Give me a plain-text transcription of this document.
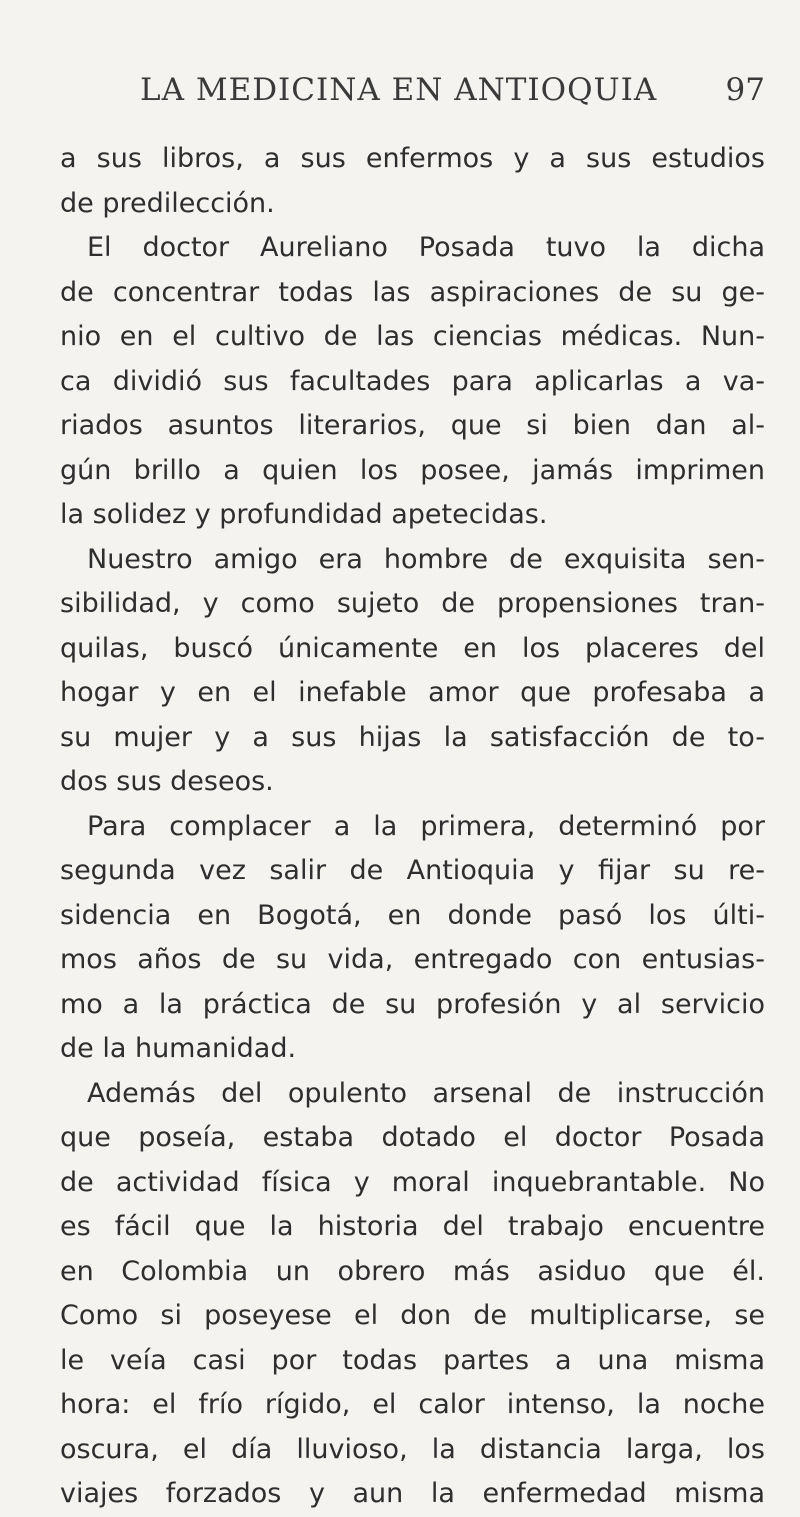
LA MEDICINA EN ANTIOQUIA 97
a sus libros, a sus enfermos y a sus estudios
de predilección.
El doctor Aureliano Posada tuvo la dicha
de concentrar todas las aspiraciones de su ge-
nio en el cultivo de las ciencias médicas. Nun-
ca dividió sus facultades para aplicarlas a va-
riados asuntos literarios, que si bien dan al-
gún brillo a quien los posee, jamás imprimen
la solidez y profundidad apetecidas.
Nuestro amigo era hombre de exquisita sen-
sibilidad, y como sujeto de propensiones tran-
quilas, buscó únicamente en los placeres del
hogar y en el inefable amor que profesaba a
su mujer y a sus hijas la satisfacción de to-
dos sus deseos.
Para complacer a la primera, determinó por
segunda vez salir de Antioquia y fijar su re-
sidencia en Bogotá, en donde pasó los últi-
mos años de su vida, entregado con entusias-
mo a la práctica de su profesión y al servicio
de la humanidad.
Además del opulento arsenal de instrucción
que poseía, estaba dotado el doctor Posada
de actividad física y moral inquebrantable. No
es fácil que la historia del trabajo encuentre
en Colombia un obrero más asiduo que él.
Como si poseyese el don de multiplicarse, se
le veía casi por todas partes a una misma
hora: el frío rígido, el calor intenso, la noche
oscura, el día lluvioso, la distancia larga, los
viajes forzados y aun la enfermedad misma
